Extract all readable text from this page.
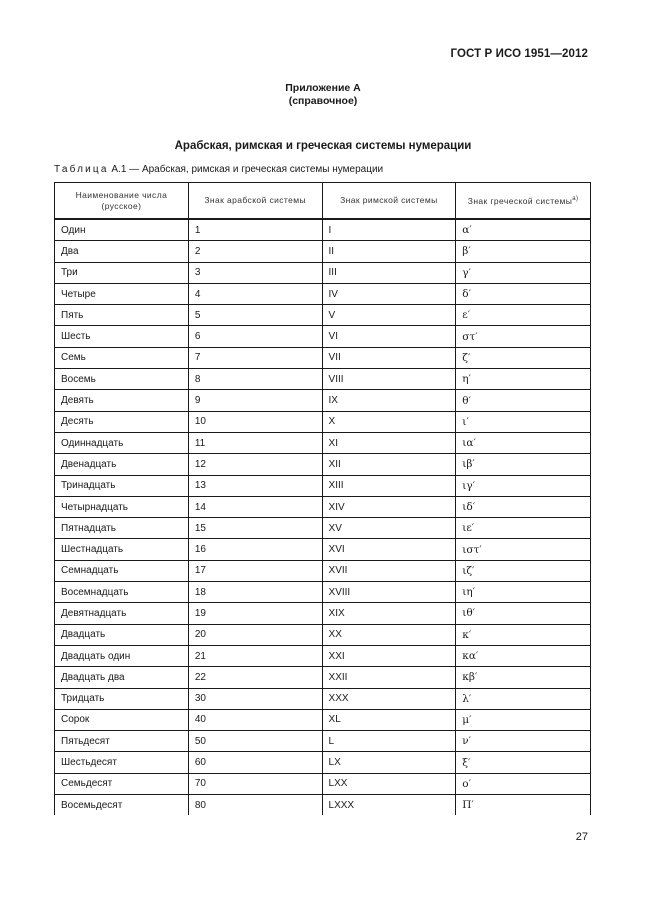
ГОСТ Р ИСО 1951—2012
Приложение А
(справочное)
Арабская, римская и греческая системы нумерации
Таблица А.1 — Арабская, римская и греческая системы нумерации
Наименование числа (русское)	Знак арабской системы	Знак римской системы	Знак греческой системы$^{а)}$
Один	1	I	α′
Два	2	II	β′
Три	3	III	γ′
Четыре	4	IV	δ′
Пять	5	V	ε′
Шесть	6	VI	στ′
Семь	7	VII	ζ′
Восемь	8	VIII	η′
Девять	9	IX	θ′
Десять	10	X	ι′
Одиннадцать	11	XI	ια′
Двенадцать	12	XII	ιβ′
Тринадцать	13	XIII	ιγ′
Четырнадцать	14	XIV	ιδ′
Пятнадцать	15	XV	ιε′
Шестнадцать	16	XVI	ιστ′
Семнадцать	17	XVII	ιζ′
Восемнадцать	18	XVIII	ιη′
Девятнадцать	19	XIX	ιθ′
Двадцать	20	XX	κ′
Двадцать один	21	XXI	κα′
Двадцать два	22	XXII	κβ′
Тридцать	30	XXX	λ′
Сорок	40	XL	μ′
Пятьдесят	50	L	ν′
Шестьдесят	60	LX	ξ′
Семьдесят	70	LXX	ο′
Восемьдесят	80	LXXX	Π′
27
